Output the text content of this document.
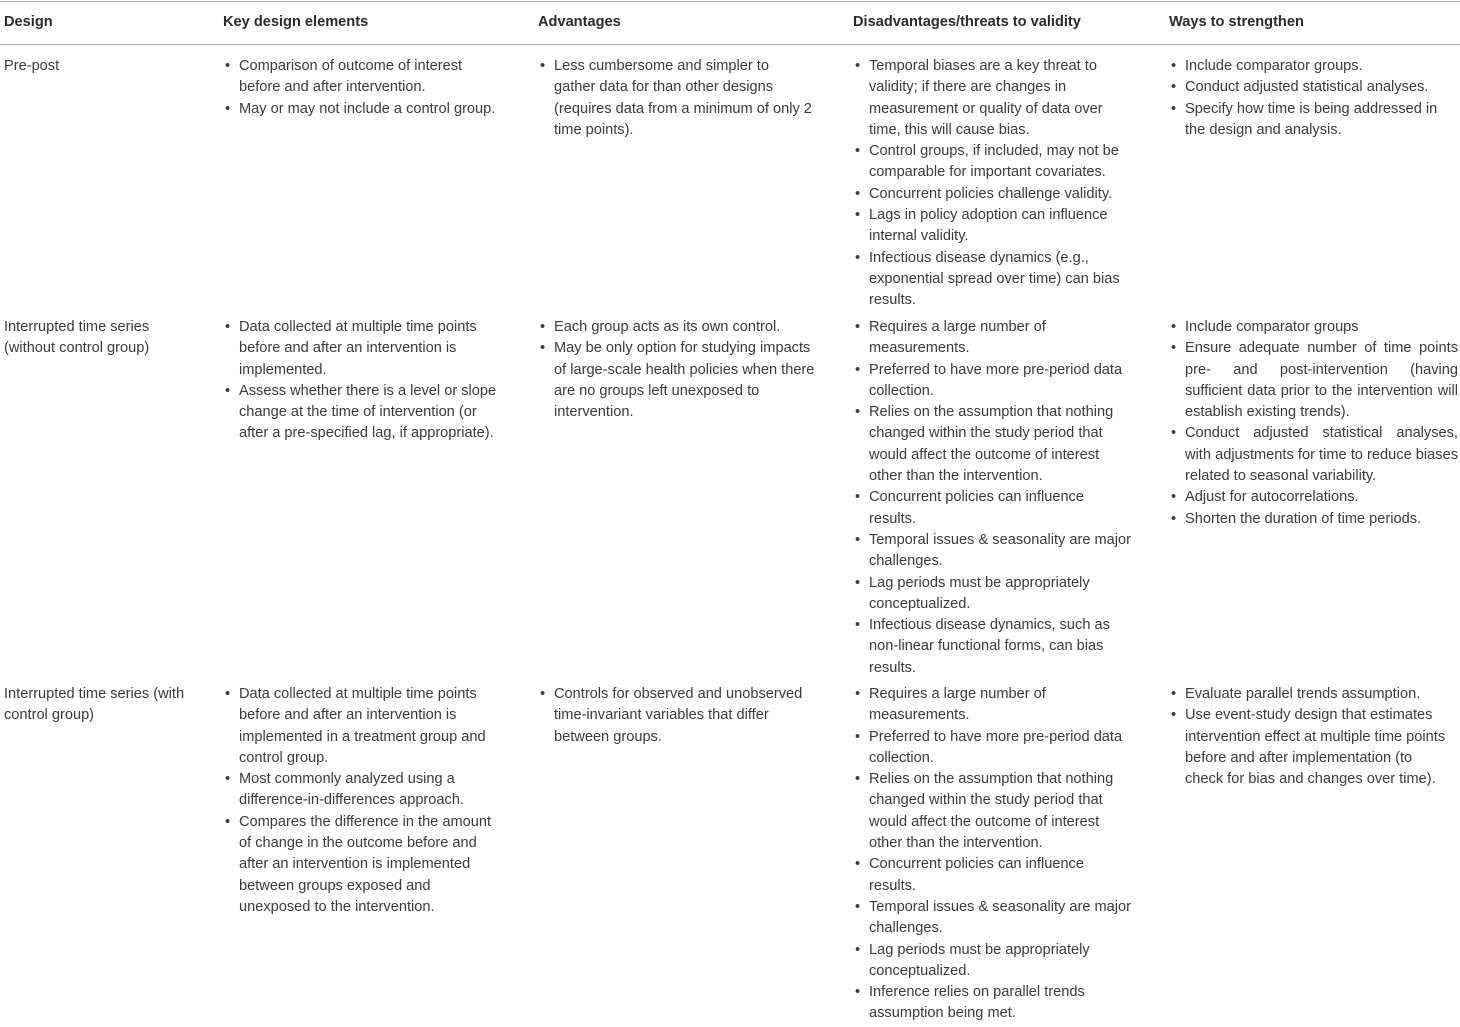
Design	Key design elements	Advantages	Disadvantages/threats to validity	Ways to strengthen
Pre-post
•	Comparison of outcome of interest
before and after intervention.
• May or may not include a control group.
• Less cumbersome and simpler to
gather data for than other designs
(requires data from a minimum of only 2
time points).
• Temporal biases are a key threat to
validity; if there are changes in
measurement or quality of data over
time, this will cause bias.
• Control groups, if included, may not be
comparable for important covariates.
• Concurrent policies challenge validity.
• Lags in policy adoption can influence
internal validity.
• Infectious disease dynamics (e.g.,
exponential spread over time) can bias
results.
• Include comparator groups.
• Conduct adjusted statistical analyses.
• Specify how time is being addressed in
the design and analysis.
Interrupted time series
(without control group)
• Data collected at multiple time points
before and after an intervention is
implemented.
• Assess whether there is a level or slope
change at the time of intervention (or
after a pre-specified lag, if appropriate).
• Each group acts as its own control.
• May be only option for studying impacts
of large-scale health policies when there
are no groups left unexposed to
intervention.
• Requires a large number of
measurements.
• Preferred to have more pre-period data
collection.
• Relies on the assumption that nothing
changed within the study period that
would affect the outcome of interest
other than the intervention.
• Concurrent policies can influence
results.
• Temporal issues & seasonality are major
challenges.
• Lag periods must be appropriately
conceptualized.
• Infectious disease dynamics, such as
non-linear functional forms, can bias
results.
• Include comparator groups
• Ensure adequate number of time points pre- and post-intervention (having sufficient data prior to the intervention will establish existing trends).
• Conduct adjusted statistical analyses, with adjustments for time to reduce biases related to seasonal variability.
• Adjust for autocorrelations.
• Shorten the duration of time periods.
Interrupted time series (with
control group)
• Data collected at multiple time points
before and after an intervention is
implemented in a treatment group and
control group.
• Most commonly analyzed using a
difference-in-differences approach.
• Compares the difference in the amount
of change in the outcome before and
after an intervention is implemented
between groups exposed and
unexposed to the intervention.
• Controls for observed and unobserved
time-invariant variables that differ
between groups.
• Requires a large number of
measurements.
• Preferred to have more pre-period data
collection.
• Relies on the assumption that nothing
changed within the study period that
would affect the outcome of interest
other than the intervention.
• Concurrent policies can influence
results.
• Temporal issues & seasonality are major
challenges.
• Lag periods must be appropriately
conceptualized.
• Inference relies on parallel trends
assumption being met.
• Evaluate parallel trends assumption.
• Use event-study design that estimates
intervention effect at multiple time points
before and after implementation (to
check for bias and changes over time).
